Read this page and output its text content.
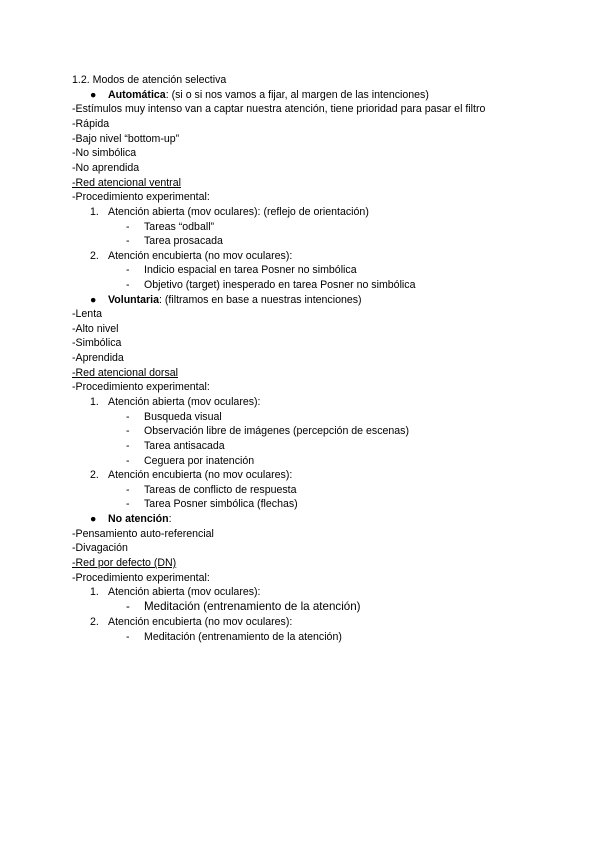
1.2. Modos de atención selectiva
● Automática: (si o si nos vamos a fijar, al margen de las intenciones)
-Estímulos muy intenso van a captar nuestra atención, tiene prioridad para pasar el filtro
-Rápida
-Bajo nivel “bottom-up”
-No simbólica
-No aprendida
-Red atencional ventral
-Procedimiento experimental:
1. Atención abierta (mov oculares): (reflejo de orientación)
- Tareas “odball”
- Tarea prosacada
2. Atención encubierta (no mov oculares):
- Indicio espacial en tarea Posner no simbólica
- Objetivo (target) inesperado en tarea Posner no simbólica
● Voluntaria: (filtramos en base a nuestras intenciones)
-Lenta
-Alto nivel
-Simbólica
-Aprendida
-Red atencional dorsal
-Procedimiento experimental:
1. Atención abierta (mov oculares):
- Busqueda visual
- Observación libre de imágenes (percepción de escenas)
- Tarea antisacada
- Ceguera por inatención
2. Atención encubierta (no mov oculares):
- Tareas de conflicto de respuesta
- Tarea Posner simbólica (flechas)
● No atención:
-Pensamiento auto-referencial
-Divagación
-Red por defecto (DN)
-Procedimiento experimental:
1. Atención abierta (mov oculares):
- Meditación (entrenamiento de la atención)
2. Atención encubierta (no mov oculares):
- Meditación (entrenamiento de la atención)
